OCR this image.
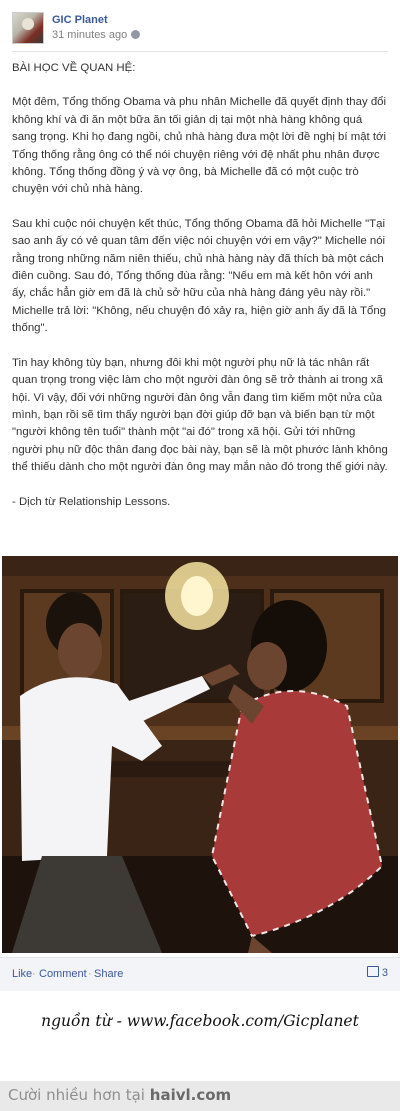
GIC Planet
31 minutes ago

BÀI HỌC VỀ QUAN HỆ:

Một đêm, Tổng thống Obama và phu nhân Michelle đã quyết định thay đổi không khí và đi ăn một bữa ăn tối giản dị tại một nhà hàng không quá sang trọng. Khi họ đang ngồi, chủ nhà hàng đưa một lời đề nghị bí mật tới Tổng thống rằng ông có thể nói chuyện riêng với đệ nhất phu nhân được không. Tổng thống đồng ý và vợ ông, bà Michelle đã có một cuộc trò chuyện với chủ nhà hàng.

Sau khi cuộc nói chuyện kết thúc, Tổng thống Obama đã hỏi Michelle "Tại sao anh ấy có vẻ quan tâm đến việc nói chuyện với em vậy?" Michelle nói rằng trong những năm niên thiếu, chủ nhà hàng này đã thích bà một cách điên cuồng. Sau đó, Tổng thống đùa rằng: "Nếu em mà kết hôn với anh ấy, chắc hẳn giờ em đã là chủ sở hữu của nhà hàng đáng yêu này rồi." Michelle trả lời: "Không, nếu chuyện đó xảy ra, hiện giờ anh ấy đã là Tổng thống".

Tin hay không tùy bạn, nhưng đôi khi một người phụ nữ là tác nhân rất quan trọng trong việc làm cho một người đàn ông sẽ trở thành ai trong xã hội. Vì vậy, đối với những người đàn ông vẫn đang tìm kiếm một nửa của mình, bạn rồi sẽ tìm thấy người bạn đời giúp đỡ bạn và biến bạn từ một "người không tên tuổi" thành một "ai đó" trong xã hội. Gửi tới những người phụ nữ độc thân đang đọc bài này, bạn sẽ là một phước lành không thể thiếu dành cho một người đàn ông may mắn nào đó trong thế giới này.

- Dịch từ Relationship Lessons.

Like · Comment · Share	3
nguồn từ - www.facebook.com/Gicplanet
Cười nhiều hơn tại haivl.com
